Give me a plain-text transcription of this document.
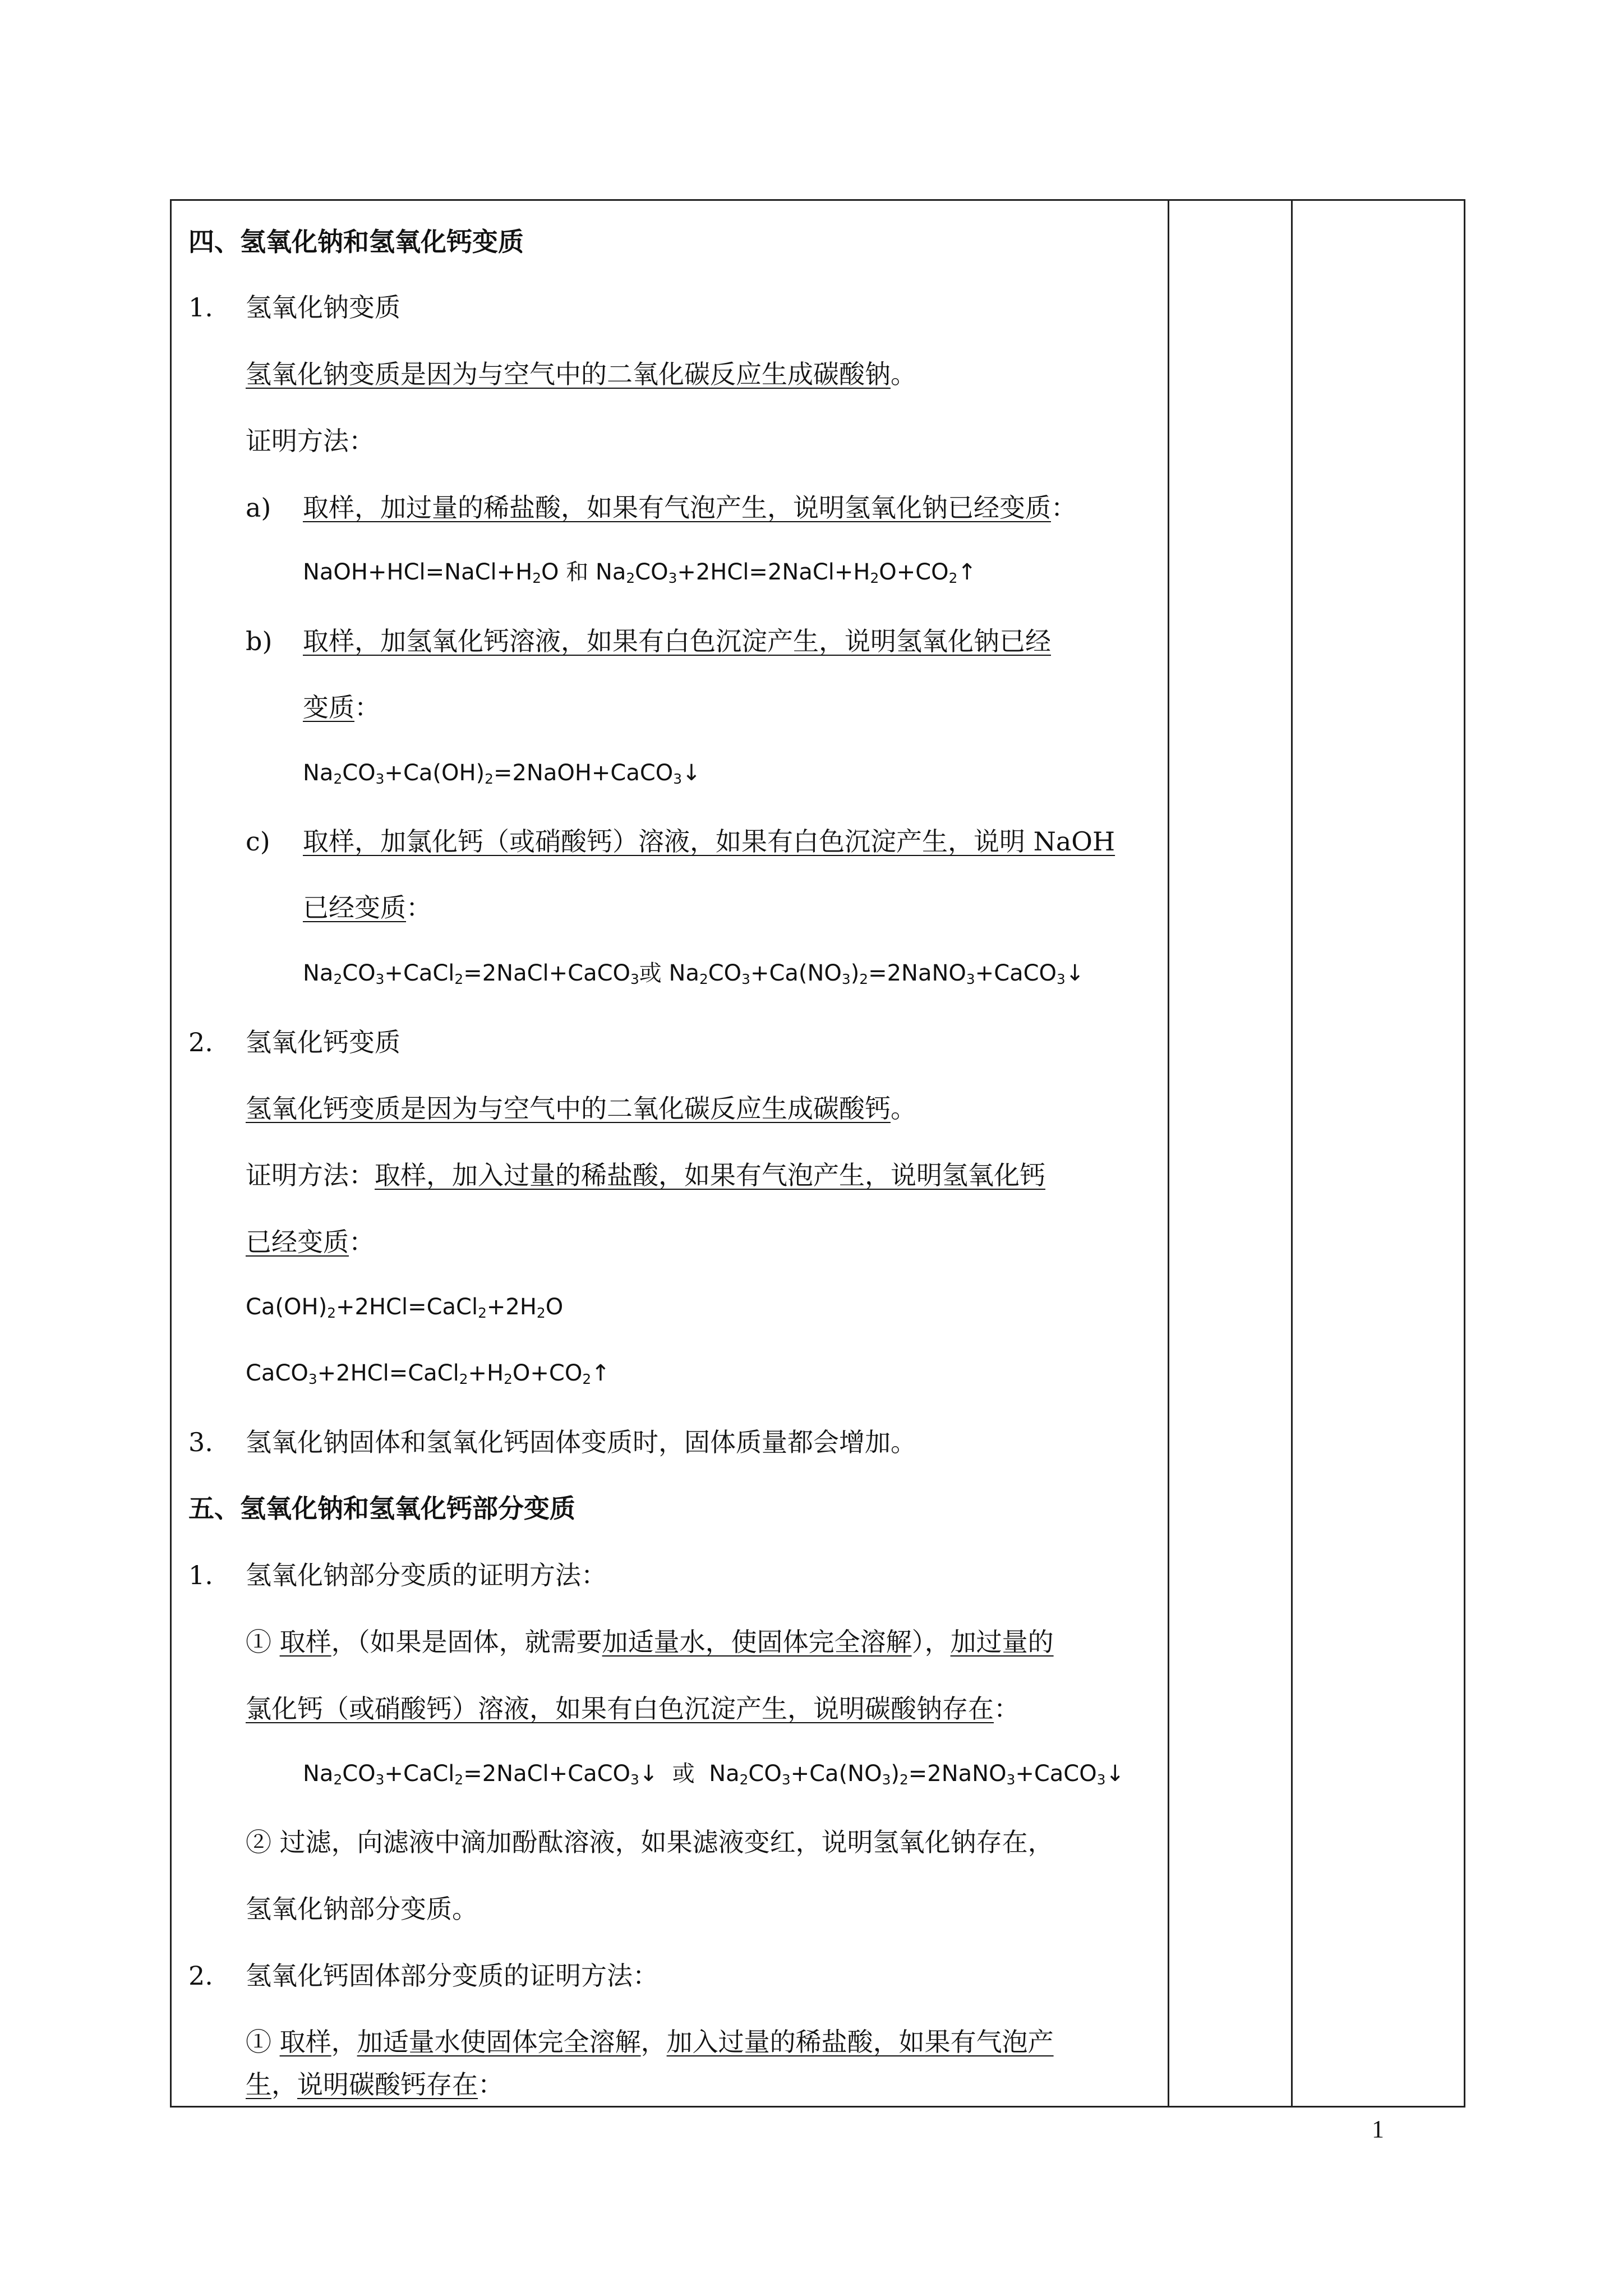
四、氢氧化钠和氢氧化钙变质
1. 氢氧化钠变质
氢氧化钠变质是因为与空气中的二氧化碳反应生成碳酸钠。
证明方法：
a) 取样，加过量的稀盐酸，如果有气泡产生，说明氢氧化钠已经变质：
$NaOH+HCl=NaCl+H_2O$ 和 $Na_2CO_3+2HCl=2NaCl+H_2O+CO_2↑$
b) 取样，加氢氧化钙溶液，如果有白色沉淀产生，说明氢氧化钠已经
变质：
$Na_2CO_3+Ca(OH)_2=2NaOH+CaCO_3↓$
c) 取样，加氯化钙（或硝酸钙）溶液，如果有白色沉淀产生，说明 NaOH
已经变质：
$Na_2CO_3+CaCl_2=2NaCl+CaCO_3$或 $Na_2CO_3+Ca(NO_3)_2=2NaNO_3+CaCO_3↓$
2. 氢氧化钙变质
氢氧化钙变质是因为与空气中的二氧化碳反应生成碳酸钙。
证明方法：取样，加入过量的稀盐酸，如果有气泡产生，说明氢氧化钙
已经变质：
$Ca(OH)_2+2HCl=CaCl_2+2H_2O$
$CaCO_3+2HCl=CaCl_2+H_2O+CO_2↑$
3. 氢氧化钠固体和氢氧化钙固体变质时，固体质量都会增加。
五、氢氧化钠和氢氧化钙部分变质
1. 氢氧化钠部分变质的证明方法：
① 取样，（如果是固体，就需要加适量水，使固体完全溶解），加过量的
氯化钙（或硝酸钙）溶液，如果有白色沉淀产生，说明碳酸钠存在：
$Na_2CO_3+CaCl_2=2NaCl+CaCO_3↓$ 或 $Na_2CO_3+Ca(NO_3)_2=2NaNO_3+CaCO_3↓$
② 过滤，向滤液中滴加酚酞溶液，如果滤液变红，说明氢氧化钠存在，
氢氧化钠部分变质。
2. 氢氧化钙固体部分变质的证明方法：
① 取样，加适量水使固体完全溶解，加入过量的稀盐酸，如果有气泡产
生，说明碳酸钙存在：
1
